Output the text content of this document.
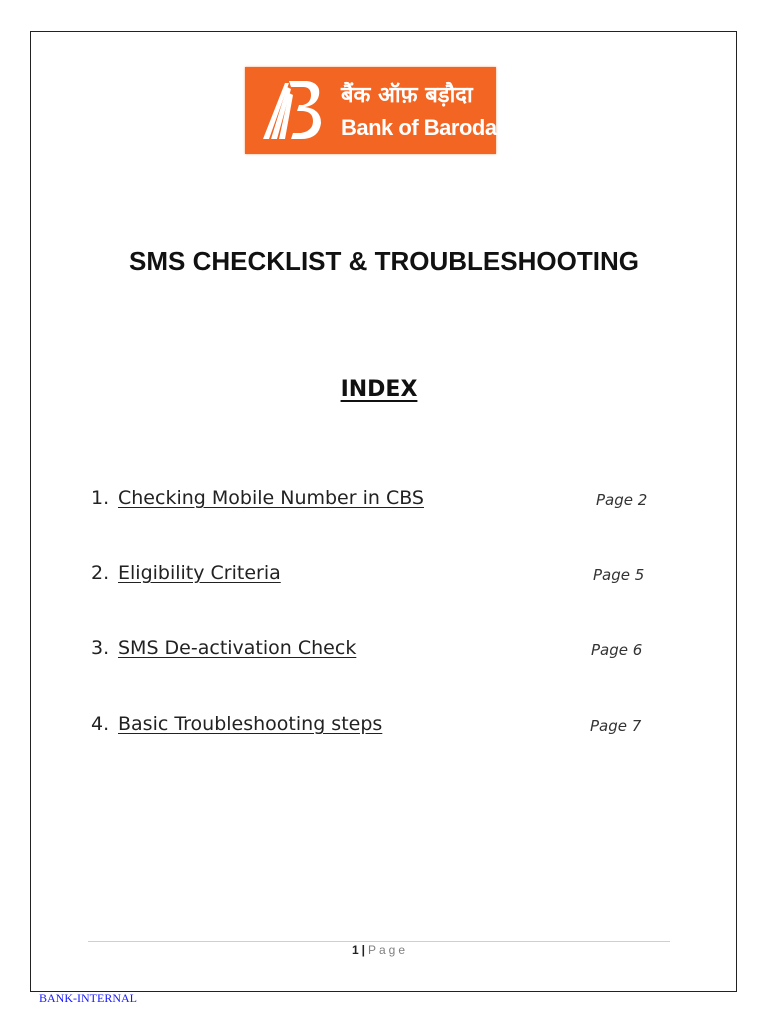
बैंक ऑफ़ बड़ौदा
Bank of Baroda
SMS CHECKLIST & TROUBLESHOOTING
INDEX
1. Checking Mobile Number in CBS	Page 2
2. Eligibility Criteria	Page 5
3. SMS De-activation Check	Page 6
4. Basic Troubleshooting steps	Page 7
1 | Page
BANK-INTERNAL
